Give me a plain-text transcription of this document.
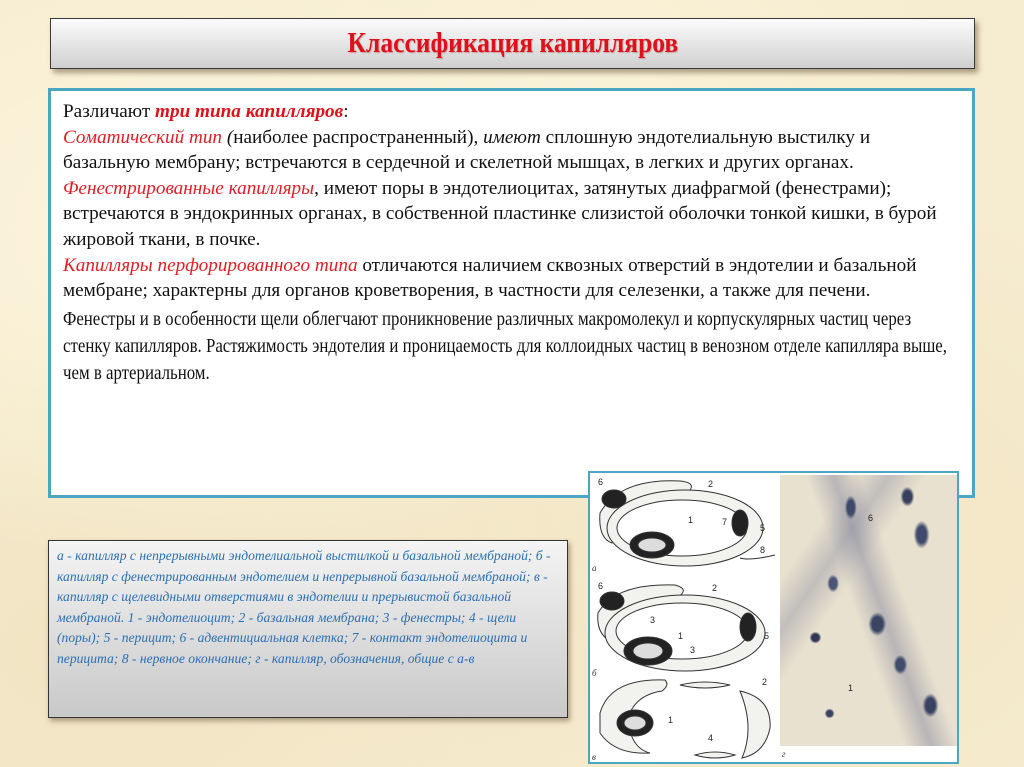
Классификация капилляров

Различают три типа капилляров:

Соматический тип (наиболее распространенный), имеют сплошную эндотелиальную выстилку и базальную мембрану; встречаются в сердечной и скелетной мышцах, в легких и других органах.

Фенестрированные капилляры, имеют поры в эндотелиоцитах, затянутых диафрагмой (фенестрами); встречаются в эндокринных органах, в собственной пластинке слизистой оболочки тонкой кишки, в бурой жировой ткани, в почке.

Капилляры перфорированного типа отличаются наличием сквозных отверстий в эндотелии и базальной мембране; характерны для органов кроветворения, в частности для селезенки, а также для печени.

Фенестры и в особенности щели облегчают проникновение различных макромолекул и корпускулярных частиц через стенку капилляров. Растяжимость эндотелия и проницаемость для коллоидных частиц в венозном отделе капилляра выше, чем в артериальном.

а - капилляр с непрерывными эндотелиальной выстилкой и базальной мембраной; б - капилляр с фенестрированным эндотелием и непрерывной базальной мембраной; в - капилляр с щелевидными отверстиями в эндотелии и прерывистой базальной мембраной. 1 - эндотелиоцит; 2 - базальная мембрана; 3 - фенестры; 4 - щели (поры); 5 - перицит; 6 - адвентициальная клетка; 7 - контакт эндотелиоцита и перицита; 8 - нервное окончание; г - капилляр, обозначения, общие с а-в
6	2
1	7
5
8
а
6	2
3
1
3
5
б
2
1
4
в
6
1
г
